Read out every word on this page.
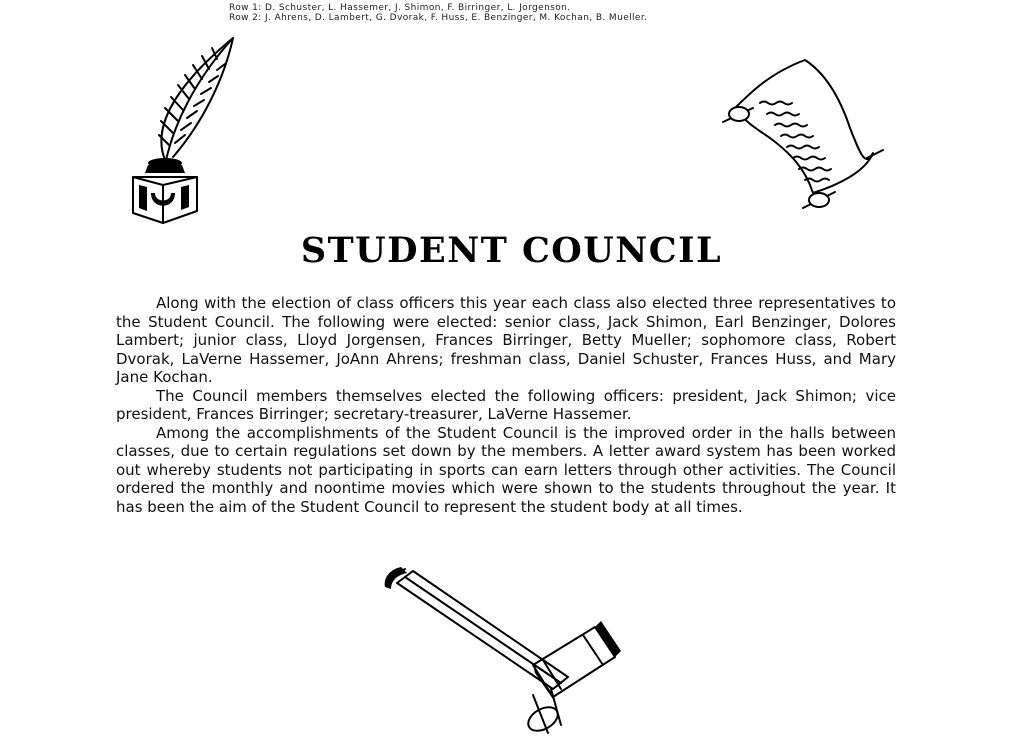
Row 1: D. Schuster, L. Hassemer, J. Shimon, F. Birringer, L. Jorgenson.
Row 2: J. Ahrens, D. Lambert, G. Dvorak, F. Huss, E. Benzinger, M. Kochan, B. Mueller.
STUDENT COUNCIL

Along with the election of class officers this year each class also elected three representatives to the Student Council. The following were elected: senior class, Jack Shimon, Earl Benzinger, Dolores Lambert; junior class, Lloyd Jorgensen, Frances Birringer, Betty Mueller; sophomore class, Robert Dvorak, LaVerne Hassemer, JoAnn Ahrens; freshman class, Daniel Schuster, Frances Huss, and Mary Jane Kochan.

The Council members themselves elected the following officers: president, Jack Shimon; vice president, Frances Birringer; secretary-treasurer, LaVerne Hassemer.

Among the accomplishments of the Student Council is the improved order in the halls between classes, due to certain regulations set down by the members. A letter award system has been worked out whereby students not participating in sports can earn letters through other activities. The Council ordered the monthly and noontime movies which were shown to the students throughout the year. It has been the aim of the Student Council to represent the student body at all times.
